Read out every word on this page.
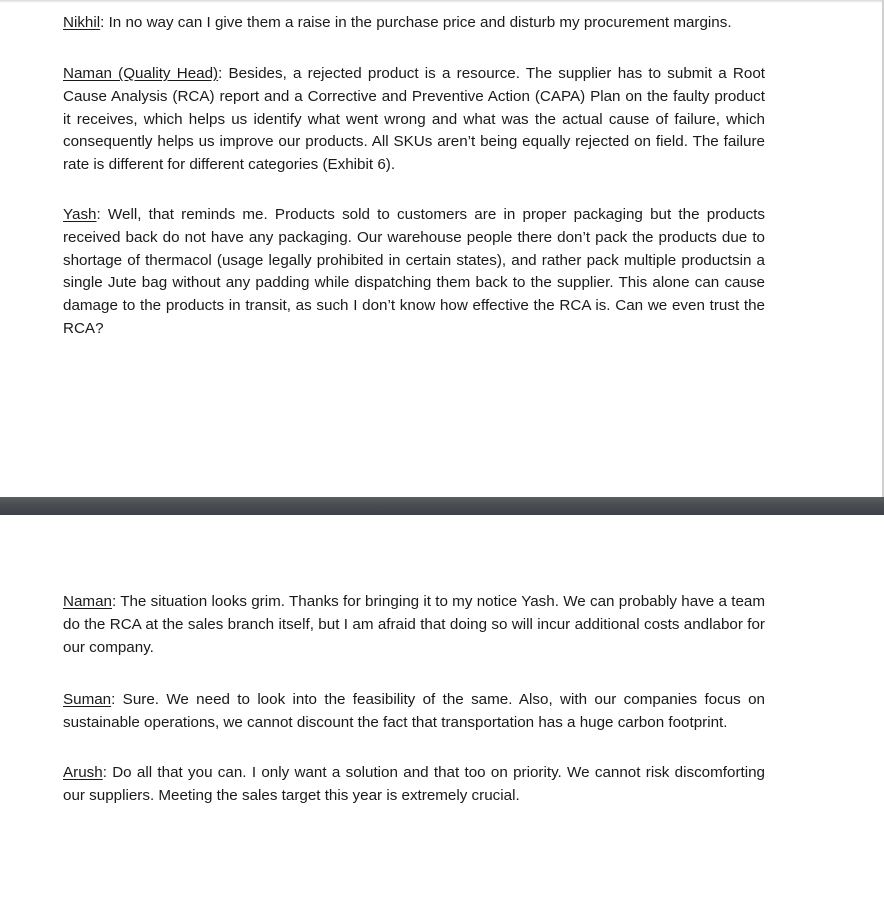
Nikhil: In no way can I give them a raise in the purchase price and disturb my procurement margins.

Naman (Quality Head): Besides, a rejected product is a resource. The supplier has to submit a Root Cause Analysis (RCA) report and a Corrective and Preventive Action (CAPA) Plan on the faulty product it receives, which helps us identify what went wrong and what was the actual cause of failure, which consequently helps us improve our products. All SKUs aren’t being equally rejected on field. The failure rate is different for different categories (Exhibit 6).

Yash: Well, that reminds me. Products sold to customers are in proper packaging but the products received back do not have any packaging. Our warehouse people there don’t pack the products due to shortage of thermacol (usage legally prohibited in certain states), and rather pack multiple productsin a single Jute bag without any padding while dispatching them back to the supplier. This alone can cause damage to the products in transit, as such I don’t know how effective the RCA is. Can we even trust the RCA?

Naman: The situation looks grim. Thanks for bringing it to my notice Yash. We can probably have a team do the RCA at the sales branch itself, but I am afraid that doing so will incur additional costs andlabor for our company.

Suman: Sure. We need to look into the feasibility of the same. Also, with our companies focus on sustainable operations, we cannot discount the fact that transportation has a huge carbon footprint.

Arush: Do all that you can. I only want a solution and that too on priority. We cannot risk discomforting our suppliers. Meeting the sales target this year is extremely crucial.
